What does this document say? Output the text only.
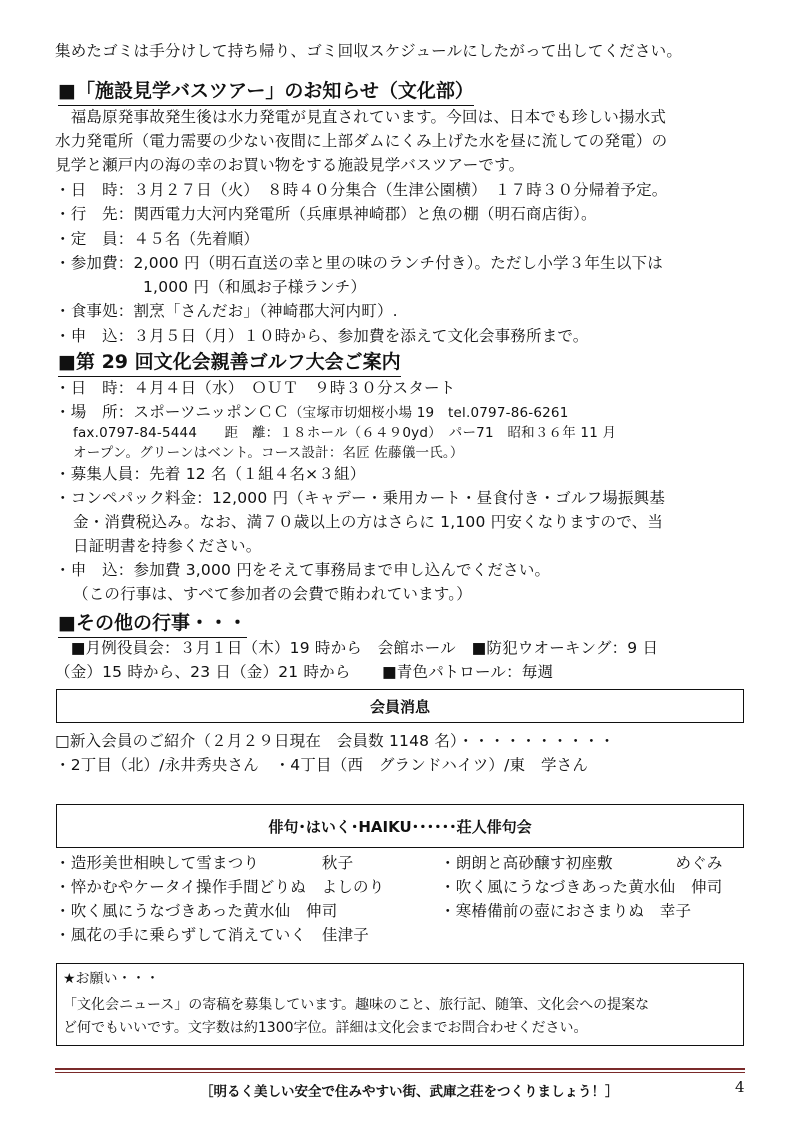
集めたゴミは手分けして持ち帰り、ゴミ回収スケジュールにしたがって出してください。
■「施設見学バスツアー」のお知らせ（文化部）
　福島原発事故発生後は水力発電が見直されています。今回は、日本でも珍しい揚水式
水力発電所（電力需要の少ない夜間に上部ダムにくみ上げた水を昼に流しての発電）の
見学と瀬戸内の海の幸のお買い物をする施設見学バスツアーです。
・日　時：３月２７日（火）　８時４０分集合（生津公園横）　１７時３０分帰着予定。
・行　先：関西電力大河内発電所（兵庫県神崎郡）と魚の棚（明石商店街）。
・定　員：４５名（先着順）
・参加費：2,000 円（明石直送の幸と里の味のランチ付き）。ただし小学３年生以下は
1,000 円（和風お子様ランチ）
・食事処：割烹「さんだお」（神崎郡大河内町）.
・申　込：３月５日（月）１０時から、参加費を添えて文化会事務所まで。
■第 29 回文化会親善ゴルフ大会ご案内
・日　時：４月４日（水）　ＯＵＴ　９時３０分スタート
・場　所：スポーツニッポンＣＣ（宝塚市切畑桜小場 19　tel.0797-86-6261
fax.0797-84-5444　　距　離：１８ホール（６４９0yd）　パー71　昭和３６年 11 月
オープン。グリーンはベント。コース設計：名匠 佐藤儀一氏。）
・募集人員：先着 12 名（１組４名×３組）
・コンペパック料金：12,000 円（キャデー・乗用カート・昼食付き・ゴルフ場振興基
金・消費税込み。なお、満７０歳以上の方はさらに 1,100 円安くなりますので、当
日証明書を持参ください。
・申　込：参加費 3,000 円をそえて事務局まで申し込んでください。
（この行事は、すべて参加者の会費で賄われています。）
■その他の行事・・・
　■月例役員会：３月１日（木）19 時から　会館ホール　■防犯ウオーキング：9 日
（金）15 時から、23 日（金）21 時から　　■青色パトロール：毎週
会員消息
□新入会員のご紹介（２月２９日現在　会員数 1148 名）・・・・・・・・・・
・2丁目（北）/永井秀央さん　・4丁目（西　グランドハイツ）/東　学さん
俳句･はいく･HAIKU･･････荘人俳句会
・造形美世相映して雪まつり　　　　秋子
・悴かむやケータイ操作手間どりぬ　よしのり
・吹く風にうなづきあった黄水仙　伸司
・風花の手に乗らずして消えていく　佳津子
・朗朗と高砂醸す初座敷　　　　めぐみ
・吹く風にうなづきあった黄水仙　伸司
・寒椿備前の壺におさまりぬ　幸子
★お願い・・・
「文化会ニュース」の寄稿を募集しています。趣味のこと、旅行記、随筆、文化会への提案な
ど何でもいいです。文字数は約1300字位。詳細は文化会までお問合わせください。
［明るく美しい安全で住みやすい街、武庫之荘をつくりましょう！］	4
